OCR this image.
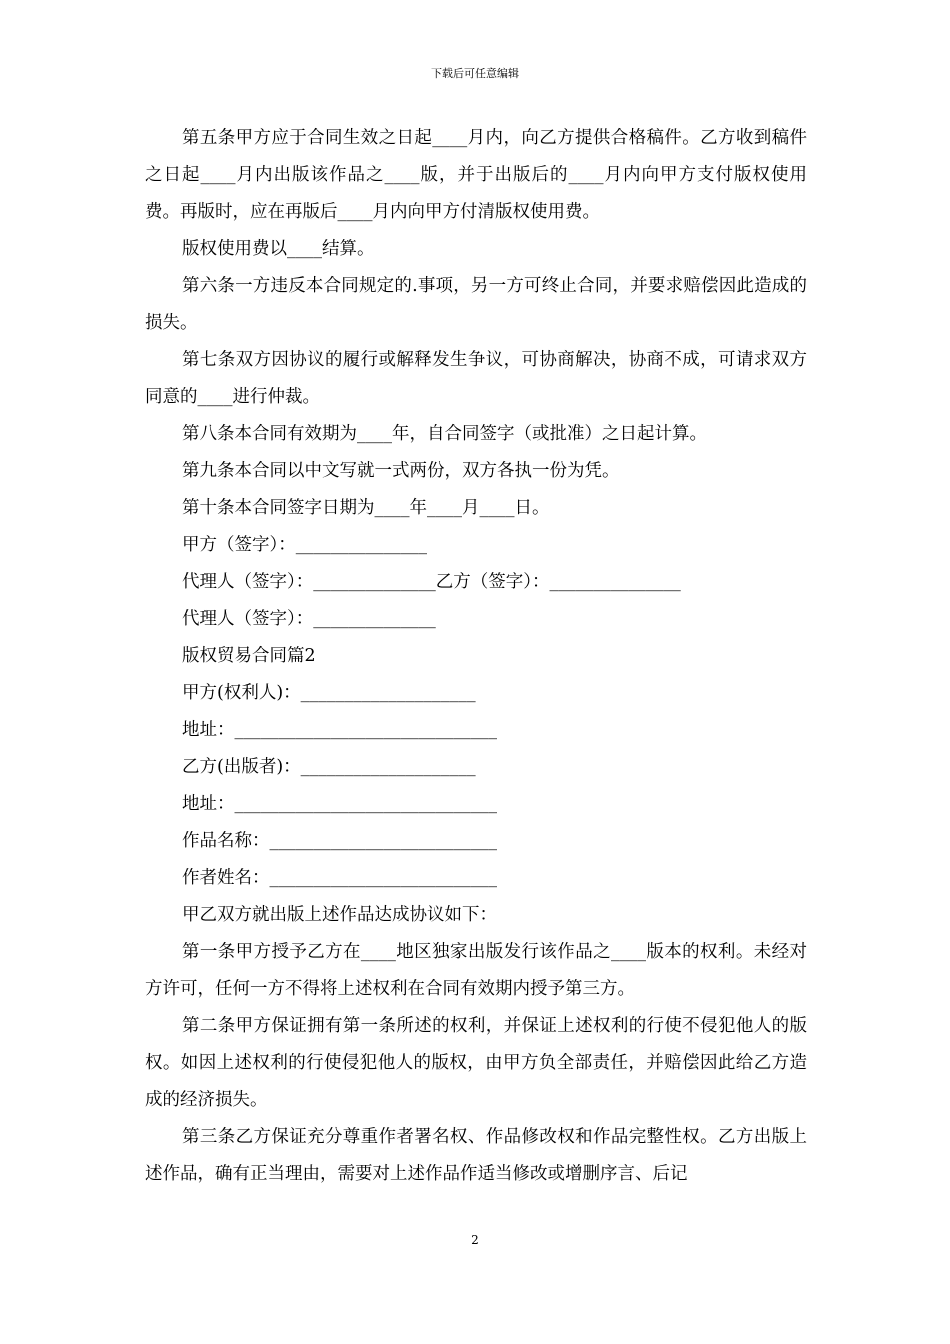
下载后可任意编辑

第五条甲方应于合同生效之日起____月内，向乙方提供合格稿件。乙方收到稿件之日起____月内出版该作品之____版，并于出版后的____月内向甲方支付版权使用费。再版时，应在再版后____月内向甲方付清版权使用费。

版权使用费以____结算。

第六条一方违反本合同规定的.事项，另一方可终止合同，并要求赔偿因此造成的损失。

第七条双方因协议的履行或解释发生争议，可协商解决，协商不成，可请求双方同意的____进行仲裁。

第八条本合同有效期为____年，自合同签字（或批准）之日起计算。

第九条本合同以中文写就一式两份，双方各执一份为凭。

第十条本合同签字日期为____年____月____日。

甲方（签字）：_______________

代理人（签字）：______________乙方（签字）：_______________

代理人（签字）：______________

版权贸易合同篇2

甲方(权利人)：____________________

地址：______________________________

乙方(出版者)：____________________

地址：______________________________

作品名称：__________________________

作者姓名：__________________________

甲乙双方就出版上述作品达成协议如下：

第一条甲方授予乙方在____地区独家出版发行该作品之____版本的权利。未经对方许可，任何一方不得将上述权利在合同有效期内授予第三方。

第二条甲方保证拥有第一条所述的权利，并保证上述权利的行使不侵犯他人的版权。如因上述权利的行使侵犯他人的版权，由甲方负全部责任，并赔偿因此给乙方造成的经济损失。

第三条乙方保证充分尊重作者署名权、作品修改权和作品完整性权。乙方出版上述作品，确有正当理由，需要对上述作品作适当修改或增删序言、后记

2
